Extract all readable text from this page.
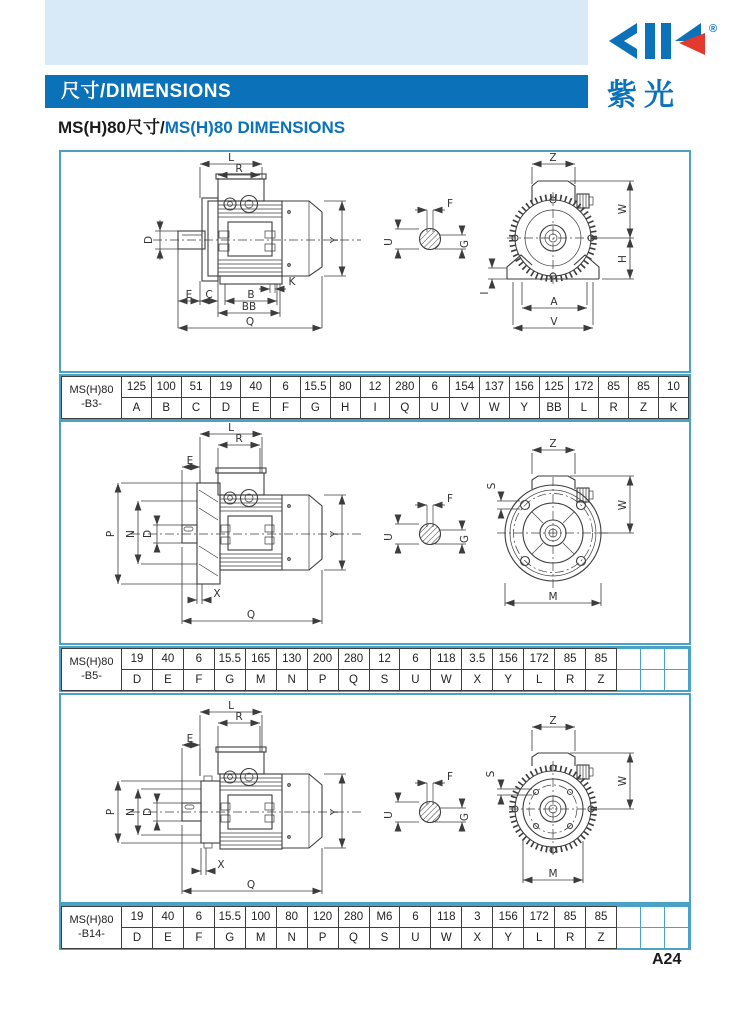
尺寸/DIMENSIONS
®
紫光
MS(H)80尺寸/MS(H)80 DIMENSIONS
L
R
D	Y
E C	B
BB
Q
K
F
U	G
Z
W
H
I
A
V
MS(H)80
-B3-	125	100	51	19	40	6	15.5	80	12	280	6	154	137	156	125	172	85	85	10
	A	B	C	D	E	F	G	H	I	Q	U	V	W	Y	BB	L	R	Z	K
L
R
E
P N D	Y
X
Q
F
U	G
Z
S
W
M
MS(H)80
-B5-	19	40	6	15.5	165	130	200	280	12	6	118	3.5	156	172	85	85			
	D	E	F	G	M	N	P	Q	S	U	W	X	Y	L	R	Z			
L
R
E
P N D	Y
X
Q
F
U	G
Z
S
W
M
MS(H)80
-B14-	19	40	6	15.5	100	80	120	280	M6	6	118	3	156	172	85	85			
	D	E	F	G	M	N	P	Q	S	U	W	X	Y	L	R	Z			
A24
